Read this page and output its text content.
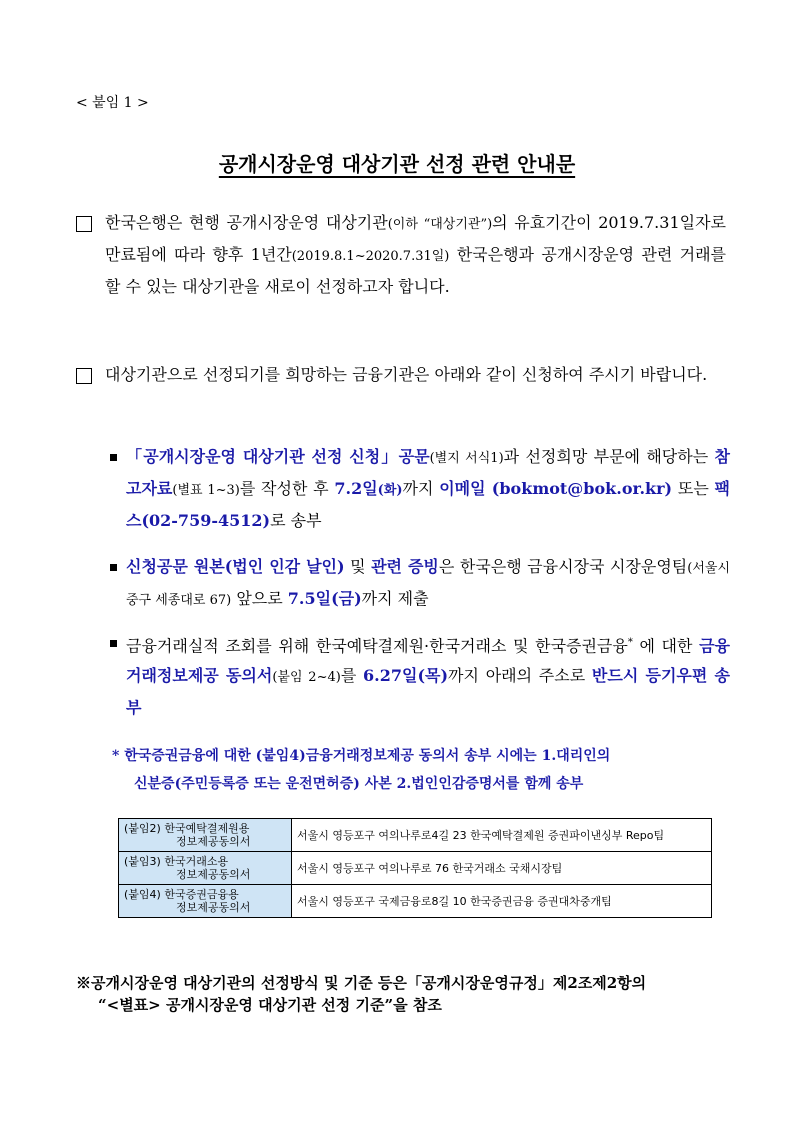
< 붙임 1 >
공개시장운영 대상기관 선정 관련 안내문
한국은행은 현행 공개시장운영 대상기관(이하 “대상기관”)의 유효기간이 2019.7.31일자로 만료됨에 따라 향후 1년간(2019.8.1~2020.7.31일) 한국은행과 공개시장운영 관련 거래를 할 수 있는 대상기관을 새로이 선정하고자 합니다.
대상기관으로 선정되기를 희망하는 금융기관은 아래와 같이 신청하여 주시기 바랍니다.
「공개시장운영 대상기관 선정 신청」공문(별지 서식1)과 선정희망 부문에 해당하는 참고자료(별표 1~3)를 작성한 후 7.2일(화)까지 이메일 (bokmot@bok.or.kr) 또는 팩스(02-759-4512)로 송부
신청공문 원본(법인 인감 날인) 및 관련 증빙은 한국은행 금융시장국 시장운영팀(서울시 중구 세종대로 67) 앞으로 7.5일(금)까지 제출
금융거래실적 조회를 위해 한국예탁결제원·한국거래소 및 한국증권금융* 에 대한 금융거래정보제공 동의서(붙임 2~4)를 6.27일(목)까지 아래의 주소로 반드시 등기우편 송부
* 한국증권금융에 대한 (붙임4)금융거래정보제공 동의서 송부 시에는 1.대리인의
신분증(주민등록증 또는 운전면허증) 사본 2.법인인감증명서를 함께 송부
(붙임2) 한국예탁결제원용
정보제공동의서	서울시 영등포구 여의나루로4길 23 한국예탁결제원 증권파이낸싱부 Repo팀
(붙임3) 한국거래소용
정보제공동의서	서울시 영등포구 여의나루로 76 한국거래소 국채시장팀
(붙임4) 한국증권금융용
정보제공동의서	서울시 영등포구 국제금융로8길 10 한국증권금융 증권대차중개팀
※공개시장운영 대상기관의 선정방식 및 기준 등은「공개시장운영규정」제2조제2항의
“<별표> 공개시장운영 대상기관 선정 기준”을 참조
